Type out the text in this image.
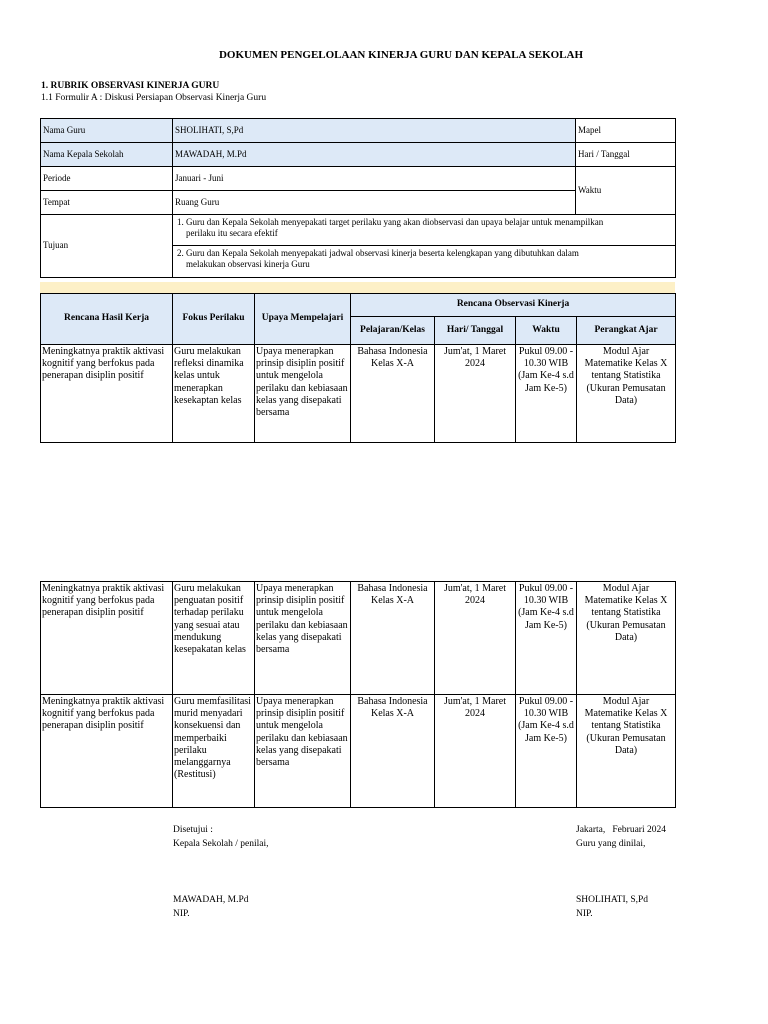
DOKUMEN PENGELOLAAN KINERJA GURU DAN KEPALA SEKOLAH
1. RUBRIK OBSERVASI KINERJA GURU
1.1 Formulir A : Diskusi Persiapan Observasi Kinerja Guru
Nama Guru	SHOLIHATI, S,Pd	Mapel
Nama Kepala Sekolah	MAWADAH, M.Pd	Hari / Tanggal
Periode	Januari - Juni	Waktu
Tempat	Ruang Guru	
Tujuan	1. Guru dan Kepala Sekolah menyepakati target perilaku yang akan diobservasi dan upaya belajar untuk menampilkan
perilaku itu secara efektif	

	2. Guru dan Kepala Sekolah menyepakati jadwal observasi kinerja beserta kelengkapan yang dibutuhkan dalam
melakukan observasi kinerja Guru	
Rencana Hasil Kerja	Fokus Perilaku	Upaya Mempelajari	Rencana Observasi Kinerja			
			Pelajaran/Kelas	Hari/ Tanggal	Waktu	Perangkat Ajar
Meningkatnya praktik aktivasi kognitif yang berfokus pada penerapan disiplin positif	Guru melakukan refleksi dinamika kelas untuk menerapkan kesekaptan kelas	Upaya menerapkan prinsip disiplin positif untuk mengelola perilaku dan kebiasaan kelas yang disepakati bersama	Bahasa Indonesia Kelas X-A	Jum'at, 1 Maret 2024	Pukul 09.00 - 10.30 WIB (Jam Ke-4 s.d Jam Ke-5)	Modul Ajar Matematike Kelas X tentang Statistika (Ukuran Pemusatan Data)
Meningkatnya praktik aktivasi kognitif yang berfokus pada penerapan disiplin positif	Guru melakukan penguatan positif terhadap perilaku yang sesuai atau mendukung kesepakatan kelas	Upaya menerapkan prinsip disiplin positif untuk mengelola perilaku dan kebiasaan kelas yang disepakati bersama	Bahasa Indonesia Kelas X-A	Jum'at, 1 Maret 2024	Pukul 09.00 - 10.30 WIB (Jam Ke-4 s.d Jam Ke-5)	Modul Ajar Matematike Kelas X tentang Statistika (Ukuran Pemusatan Data)
Meningkatnya praktik aktivasi kognitif yang berfokus pada penerapan disiplin positif	Guru memfasilitasi murid menyadari konsekuensi dan memperbaiki perilaku melanggarnya (Restitusi)	Upaya menerapkan prinsip disiplin positif untuk mengelola perilaku dan kebiasaan kelas yang disepakati bersama	Bahasa Indonesia Kelas X-A	Jum'at, 1 Maret 2024	Pukul 09.00 - 10.30 WIB (Jam Ke-4 s.d Jam Ke-5)	Modul Ajar Matematike Kelas X tentang Statistika (Ukuran Pemusatan Data)
Disetujui :
Kepala Sekolah / penilai,
MAWADAH, M.Pd
NIP.
Jakarta,   Februari 2024
Guru yang dinilai,
SHOLIHATI, S,Pd
NIP.
